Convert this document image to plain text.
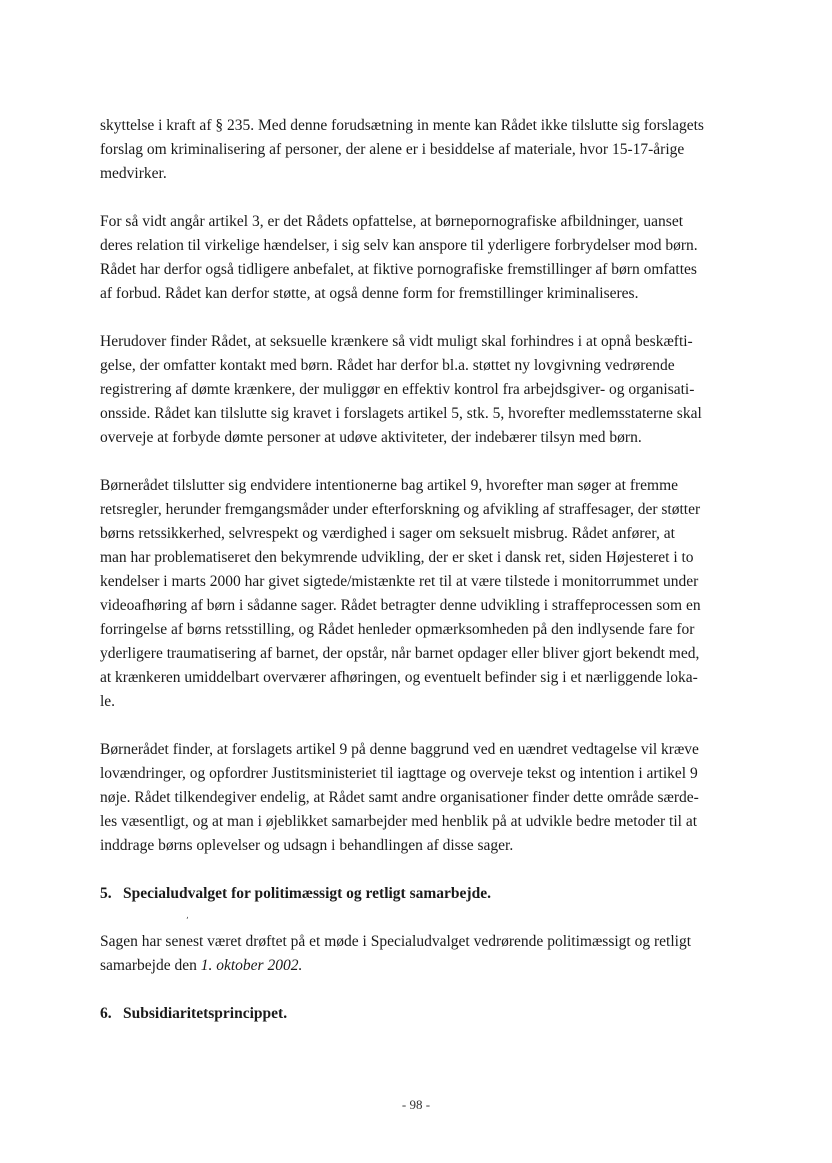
skyttelse i kraft af § 235. Med denne forudsætning in mente kan Rådet ikke tilslutte sig forslagets
forslag om kriminalisering af personer, der alene er i besiddelse af materiale, hvor 15-17-årige
medvirker.

For så vidt angår artikel 3, er det Rådets opfattelse, at børnepornografiske afbildninger, uanset
deres relation til virkelige hændelser, i sig selv kan anspore til yderligere forbrydelser mod børn.
Rådet har derfor også tidligere anbefalet, at fiktive pornografiske fremstillinger af børn omfattes
af forbud. Rådet kan derfor støtte, at også denne form for fremstillinger kriminaliseres.

Herudover finder Rådet, at seksuelle krænkere så vidt muligt skal forhindres i at opnå beskæfti-
gelse, der omfatter kontakt med børn. Rådet har derfor bl.a. støttet ny lovgivning vedrørende
registrering af dømte krænkere, der muliggør en effektiv kontrol fra arbejdsgiver- og organisati-
onsside. Rådet kan tilslutte sig kravet i forslagets artikel 5, stk. 5, hvorefter medlemsstaterne skal
overveje at forbyde dømte personer at udøve aktiviteter, der indebærer tilsyn med børn.

Børnerådet tilslutter sig endvidere intentionerne bag artikel 9, hvorefter man søger at fremme
retsregler, herunder fremgangsmåder under efterforskning og afvikling af straffesager, der støtter
børns retssikkerhed, selvrespekt og værdighed i sager om seksuelt misbrug. Rådet anfører, at
man har problematiseret den bekymrende udvikling, der er sket i dansk ret, siden Højesteret i to
kendelser i marts 2000 har givet sigtede/mistænkte ret til at være tilstede i monitorrummet under
videoafhøring af børn i sådanne sager. Rådet betragter denne udvikling i straffeprocessen som en
forringelse af børns retsstilling, og Rådet henleder opmærksomheden på den indlysende fare for
yderligere traumatisering af barnet, der opstår, når barnet opdager eller bliver gjort bekendt med,
at krænkeren umiddelbart overværer afhøringen, og eventuelt befinder sig i et nærliggende loka-
le.

Børnerådet finder, at forslagets artikel 9 på denne baggrund ved en uændret vedtagelse vil kræve
lovændringer, og opfordrer Justitsministeriet til iagttage og overveje tekst og intention i artikel 9
nøje. Rådet tilkendegiver endelig, at Rådet samt andre organisationer finder dette område særde-
les væsentligt, og at man i øjeblikket samarbejder med henblik på at udvikle bedre metoder til at
inddrage børns oplevelser og udsagn i behandlingen af disse sager.

5. Specialudvalget for politimæssigt og retligt samarbejde.

Sagen har senest været drøftet på et møde i Specialudvalget vedrørende politimæssigt og retligt
samarbejde den 1. oktober 2002.

6. Subsidiaritetsprincippet.
,
- 98 -
